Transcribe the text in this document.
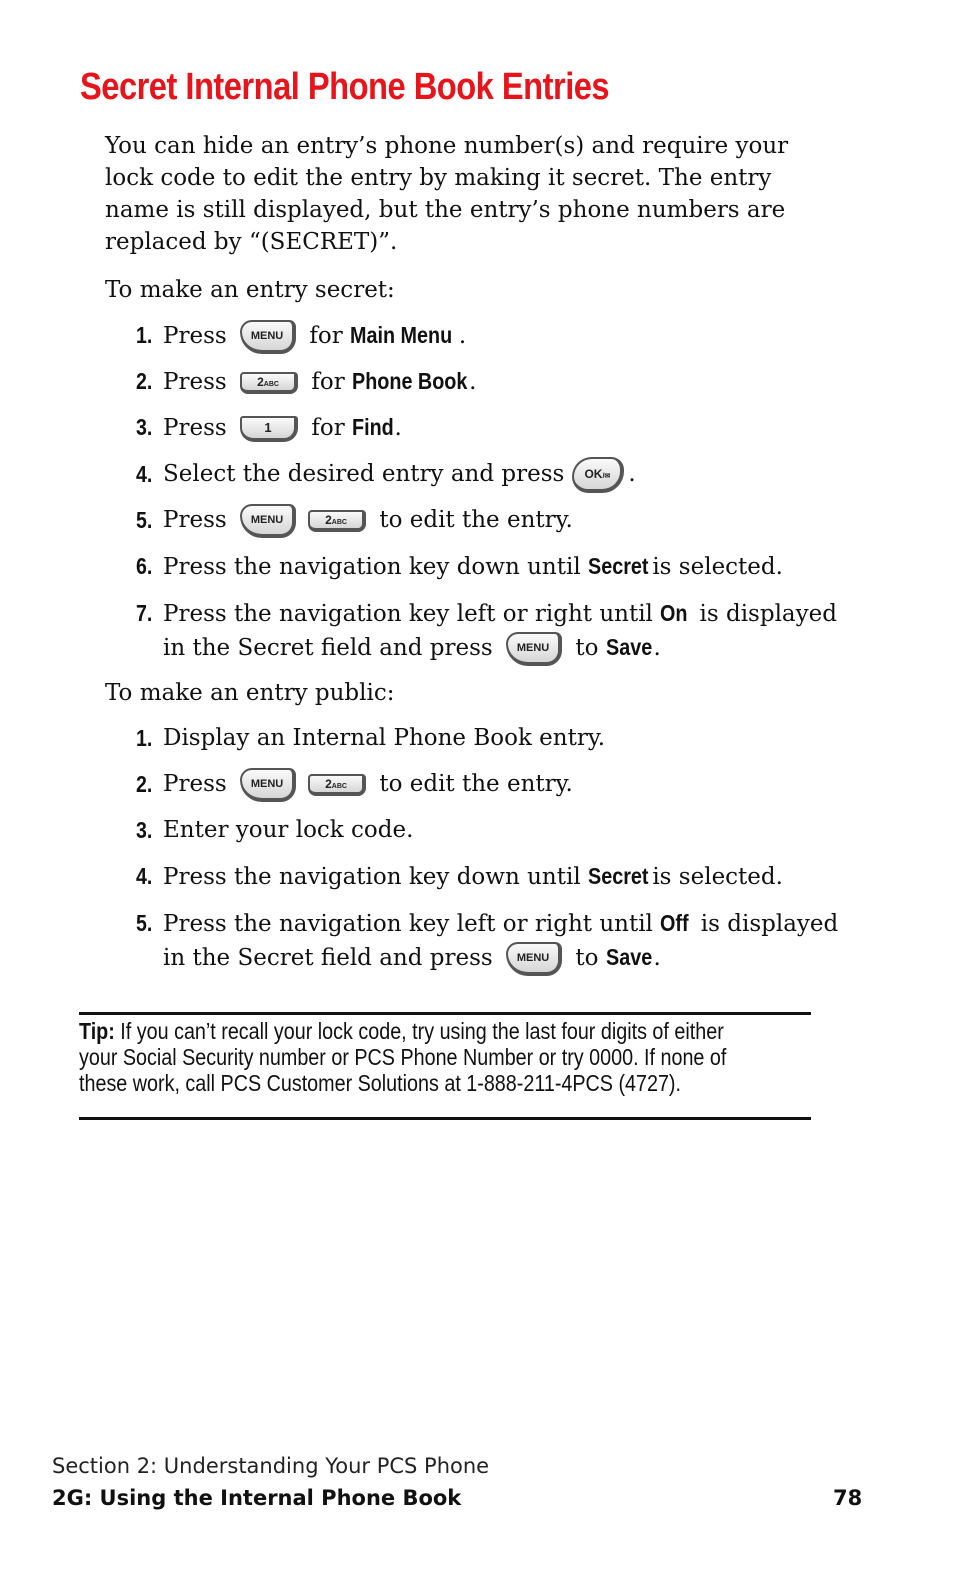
Secret Internal Phone Book Entries

You can hide an entry’s phone number(s) and require your lock code to edit the entry by making it secret. The entry name is still displayed, but the entry’s phone numbers are replaced by “(SECRET)”.

To make an entry secret:

1. Press MENU for Main Menu .
2. Press	2ABC for Phone Book.
3. Press	1 for Find.
4. Select the desired entry and press OK/✉ .
5. Press MENU	2ABC to edit the entry.
6. Press the navigation key down until Secret is selected.
7. Press the navigation key left or right until On is displayed
in the Secret field and press MENU to Save.

To make an entry public:

1. Display an Internal Phone Book entry.
2. Press MENU	2ABC to edit the entry.
3. Enter your lock code.
4. Press the navigation key down until Secret is selected.
5. Press the navigation key left or right until Off is displayed
in the Secret field and press MENU to Save.

Tip: If you can’t recall your lock code, try using the last four digits of either
your Social Security number or PCS Phone Number or try 0000. If none of
these work, call PCS Customer Solutions at 1-888-211-4PCS (4727).

Section 2: Understanding Your PCS Phone
2G: Using the Internal Phone Book	78
